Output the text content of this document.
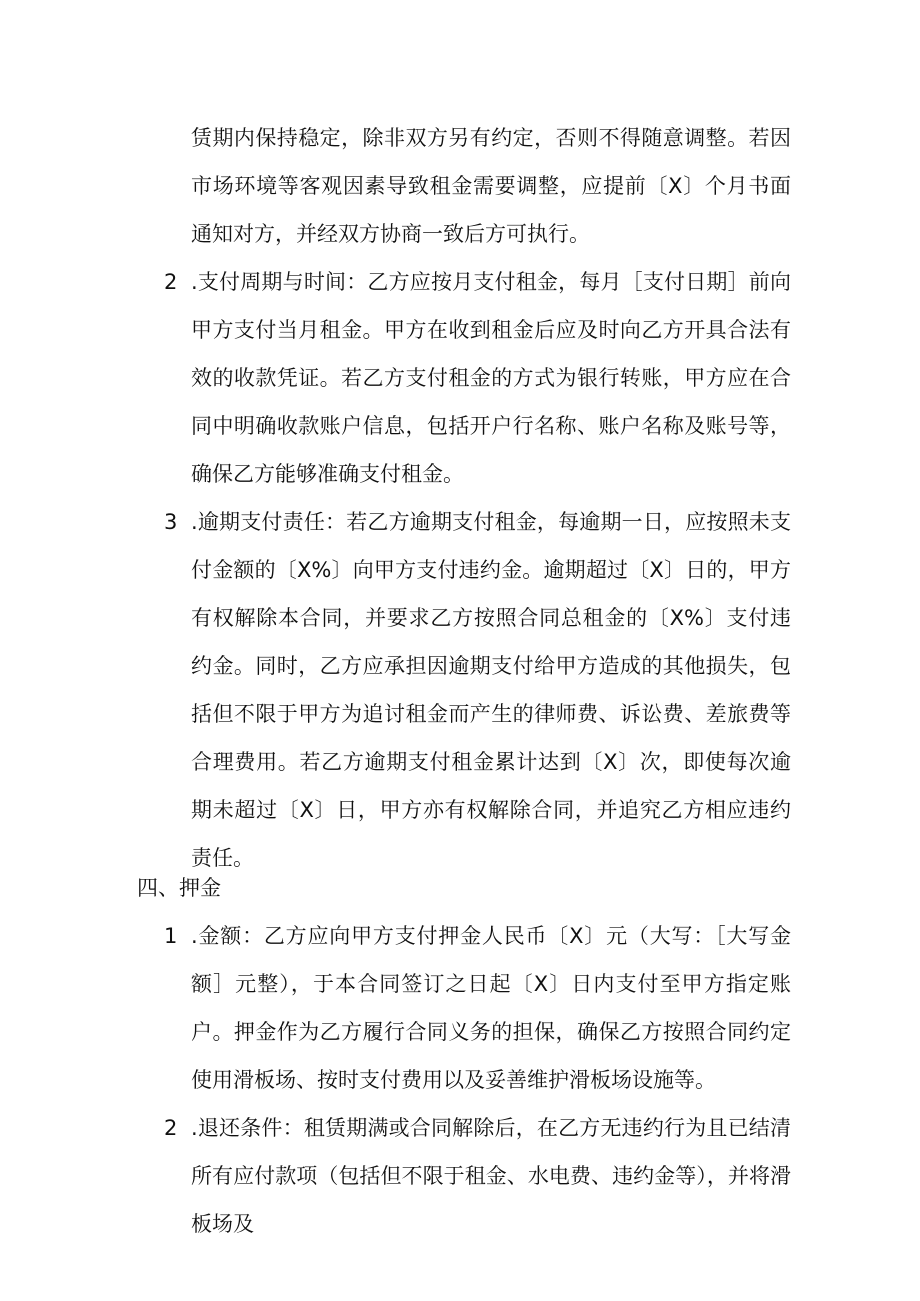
赁期内保持稳定，除非双方另有约定，否则不得随意调整。若因市场环境等客观因素导致租金需要调整，应提前〔X〕个月书面通知对方，并经双方协商一致后方可执行。
2 .支付周期与时间：乙方应按月支付租金，每月［支付日期］前向甲方支付当月租金。甲方在收到租金后应及时向乙方开具合法有效的收款凭证。若乙方支付租金的方式为银行转账，甲方应在合同中明确收款账户信息，包括开户行名称、账户名称及账号等，确保乙方能够准确支付租金。
3 .逾期支付责任：若乙方逾期支付租金，每逾期一日，应按照未支付金额的〔X%〕向甲方支付违约金。逾期超过〔X〕日的，甲方有权解除本合同，并要求乙方按照合同总租金的〔X%〕支付违约金。同时，乙方应承担因逾期支付给甲方造成的其他损失，包括但不限于甲方为追讨租金而产生的律师费、诉讼费、差旅费等合理费用。若乙方逾期支付租金累计达到〔X〕次，即使每次逾期未超过〔X〕日，甲方亦有权解除合同，并追究乙方相应违约责任。
四、押金
1 .金额：乙方应向甲方支付押金人民币〔X〕元（大写：［大写金额］元整），于本合同签订之日起〔X〕日内支付至甲方指定账户。押金作为乙方履行合同义务的担保，确保乙方按照合同约定使用滑板场、按时支付费用以及妥善维护滑板场设施等。
2 .退还条件：租赁期满或合同解除后，在乙方无违约行为且已结清所有应付款项（包括但不限于租金、水电费、违约金等），并将滑板场及
